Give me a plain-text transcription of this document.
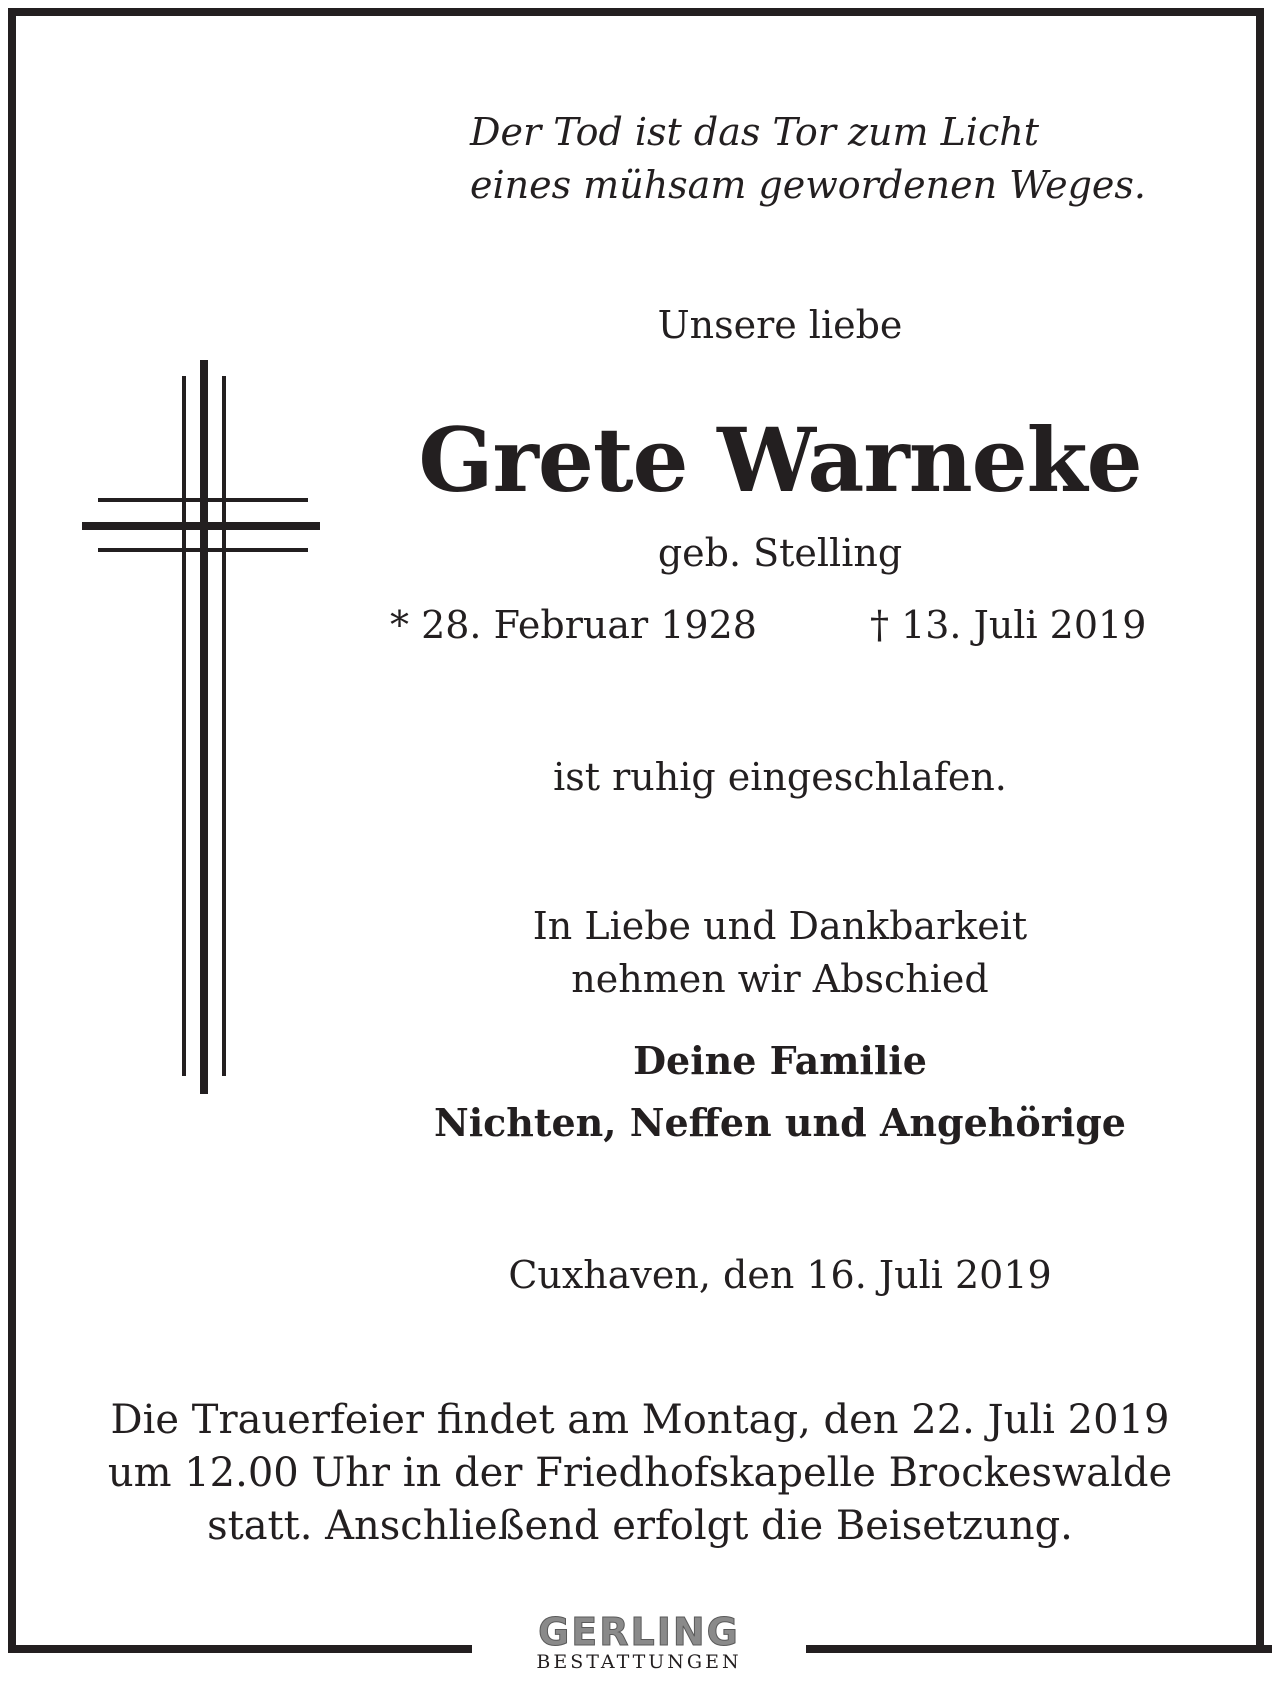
Der Tod ist das Tor zum Licht
eines mühsam gewordenen Weges.
Unsere liebe
Grete Warneke
geb. Stelling
* 28. Februar 1928	† 13. Juli 2019
ist ruhig eingeschlafen.
In Liebe und Dankbarkeit
nehmen wir Abschied
Deine Familie
Nichten, Neffen und Angehörige
Cuxhaven, den 16. Juli 2019
Die Trauerfeier findet am Montag, den 22. Juli 2019
um 12.00 Uhr in der Friedhofskapelle Brockeswalde
statt. Anschließend erfolgt die Beisetzung.
GERLING
BESTATTUNGEN
